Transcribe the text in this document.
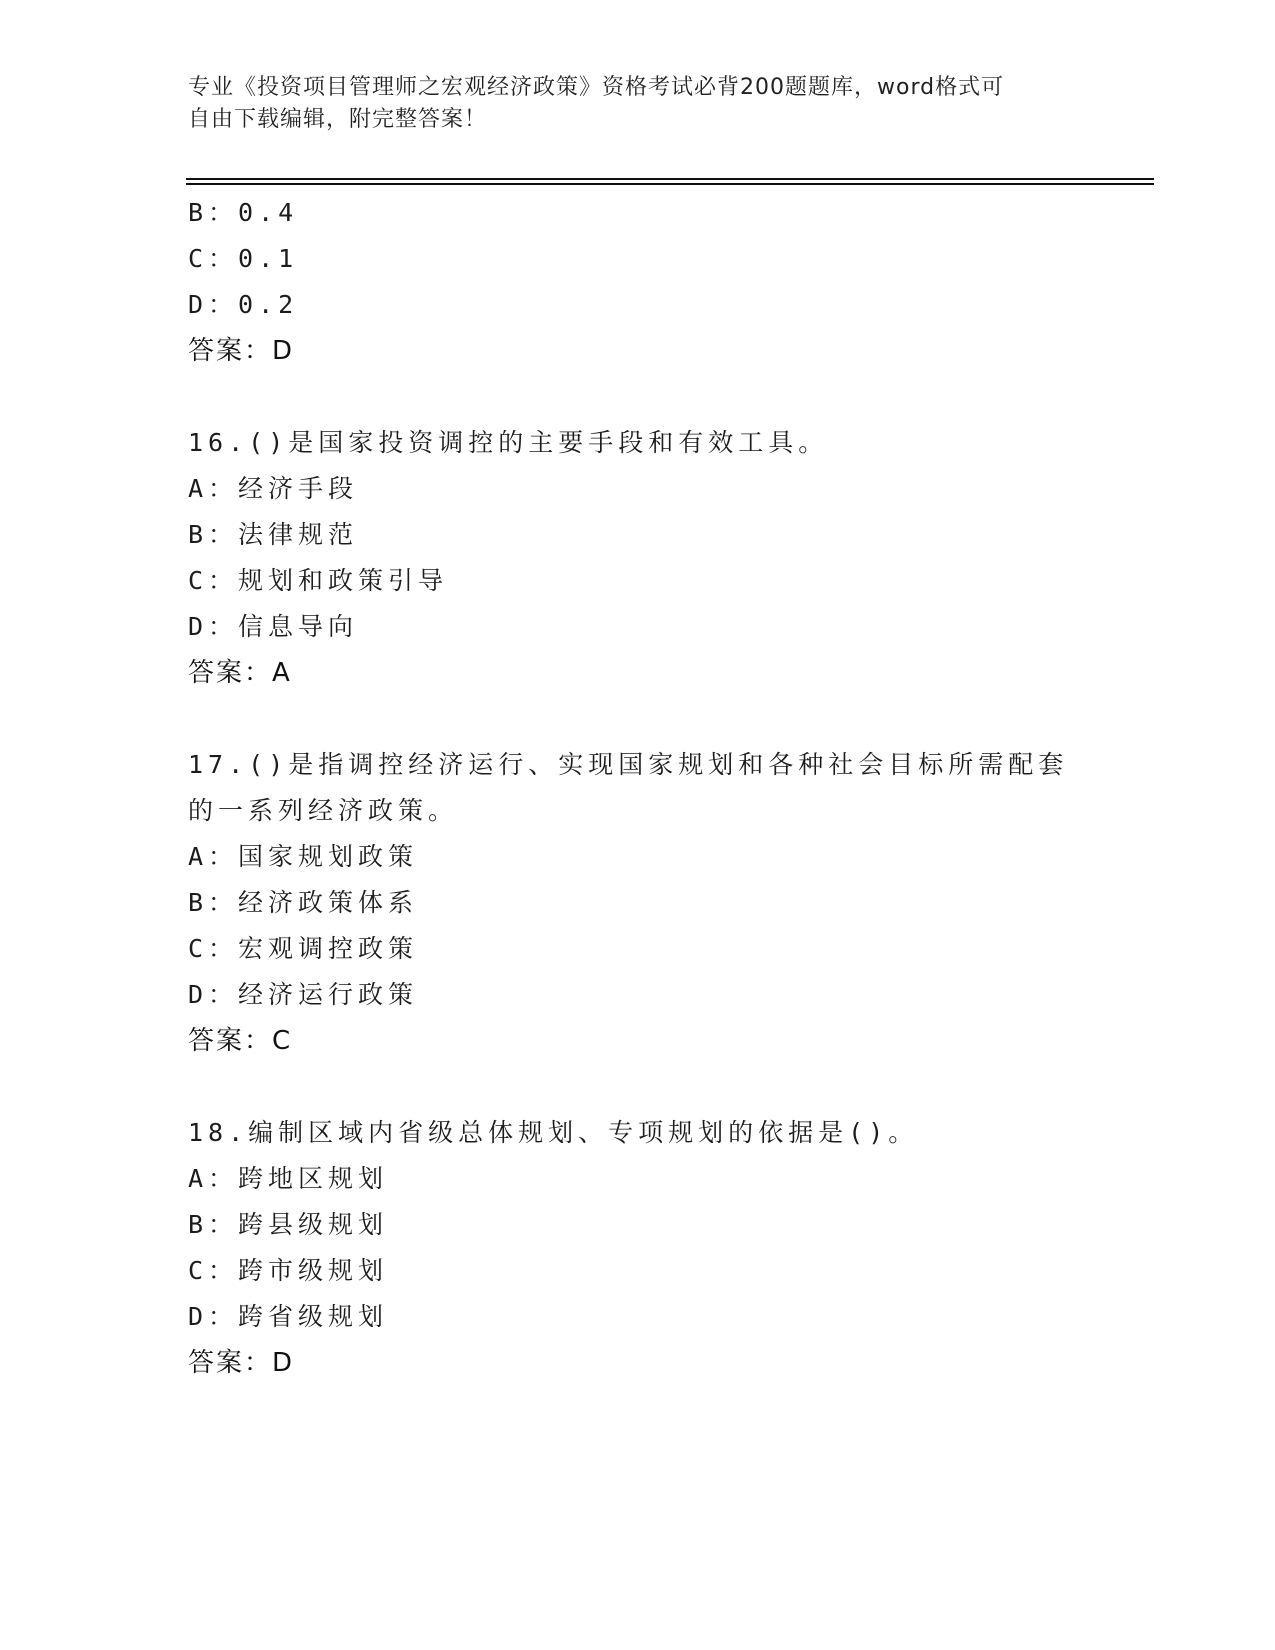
专业《投资项目管理师之宏观经济政策》资格考试必背200题题库，word格式可
自由下载编辑，附完整答案！
B：0.4
C：0.1
D：0.2
答案：D
16.()是国家投资调控的主要手段和有效工具。
A：经济手段
B：法律规范
C：规划和政策引导
D：信息导向
答案：A
17.()是指调控经济运行、实现国家规划和各种社会目标所需配套的一系列经济政策。
A：国家规划政策
B：经济政策体系
C：宏观调控政策
D：经济运行政策
答案：C
18.编制区域内省级总体规划、专项规划的依据是()。
A：跨地区规划
B：跨县级规划
C：跨市级规划
D：跨省级规划
答案：D
